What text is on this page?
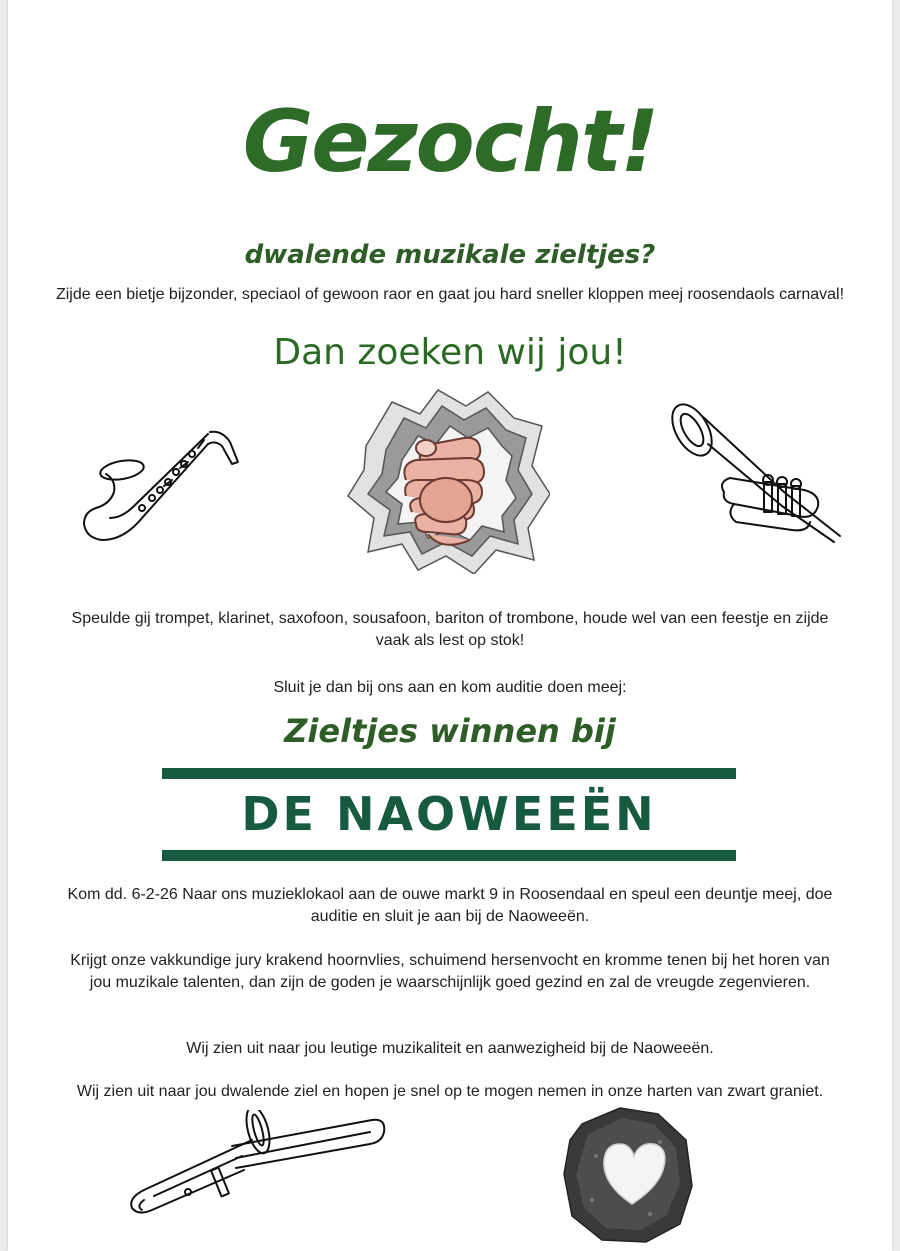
Gezocht!
dwalende muzikale zieltjes?
Zijde een bietje bijzonder, speciaol of gewoon raor en gaat jou hard sneller kloppen meej roosendaols carnaval!
Dan zoeken wij jou!
Speulde gij trompet, klarinet, saxofoon, sousafoon, bariton of trombone, houde wel van een feestje en zijde vaak als lest op stok!
Sluit je dan bij ons aan en kom auditie doen meej:
Zieltjes winnen bij
DE NAOWEEËN
Kom dd. 6-2-26 Naar ons muzieklokaol aan de ouwe markt 9 in Roosendaal en speul een deuntje meej, doe auditie en sluit je aan bij de Naoweeën.
Krijgt onze vakkundige jury krakend hoornvlies, schuimend hersenvocht en kromme tenen bij het horen van jou muzikale talenten, dan zijn de goden je waarschijnlijk goed gezind en zal de vreugde zegenvieren.
Wij zien uit naar jou leutige muzikaliteit en aanwezigheid bij de Naoweeën.
Wij zien uit naar jou dwalende ziel en hopen je snel op te mogen nemen in onze harten van zwart graniet.
